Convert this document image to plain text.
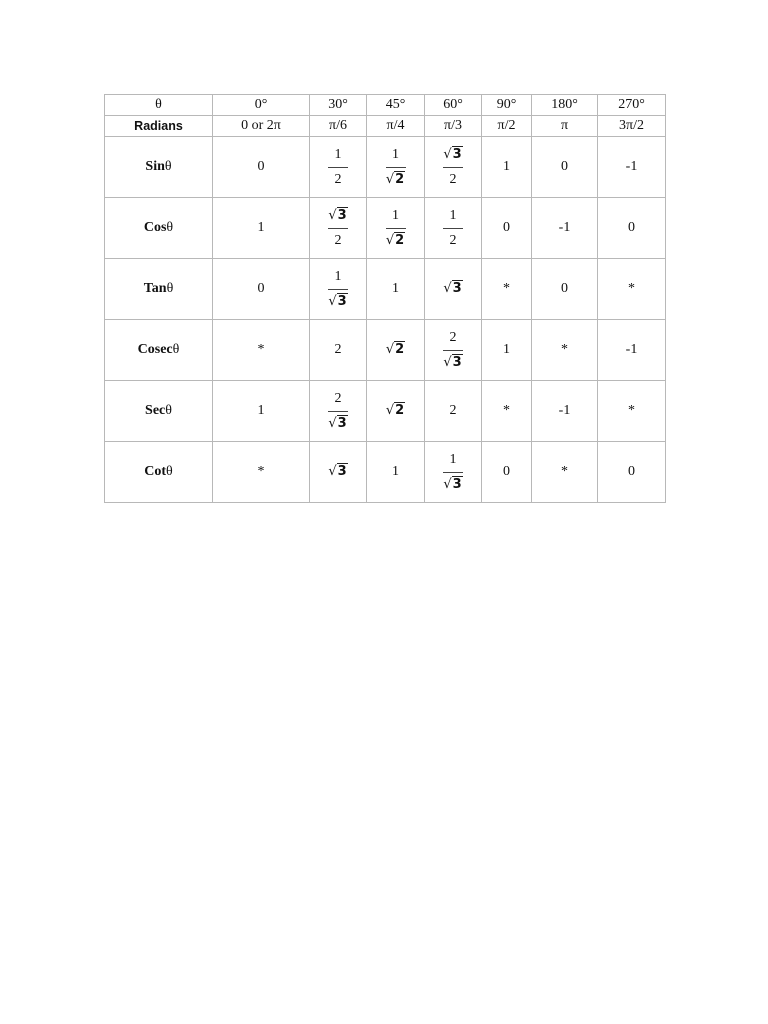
θ	0°	30°	45°	60°	90°	180°	270°
Radians	0 or 2π	π/6	π/4	π/3	π/2	π	3π/2
Sinθ	0	$\frac{1}{2}$	$\frac{1}{√2}$	$\frac{√3}{2}$	1	0	-1
Cosθ	1	$\frac{√3}{2}$	$\frac{1}{√2}$	$\frac{1}{2}$	0	-1	0
Tanθ	0	$\frac{1}{√3}$	1	√3	*	0	*
Cosecθ	*	2	√2	$\frac{2}{√3}$	1	*	-1
Secθ	1	$\frac{2}{√3}$	√2	2	*	-1	*
Cotθ	*	√3	1	$\frac{1}{√3}$	0	*	0
